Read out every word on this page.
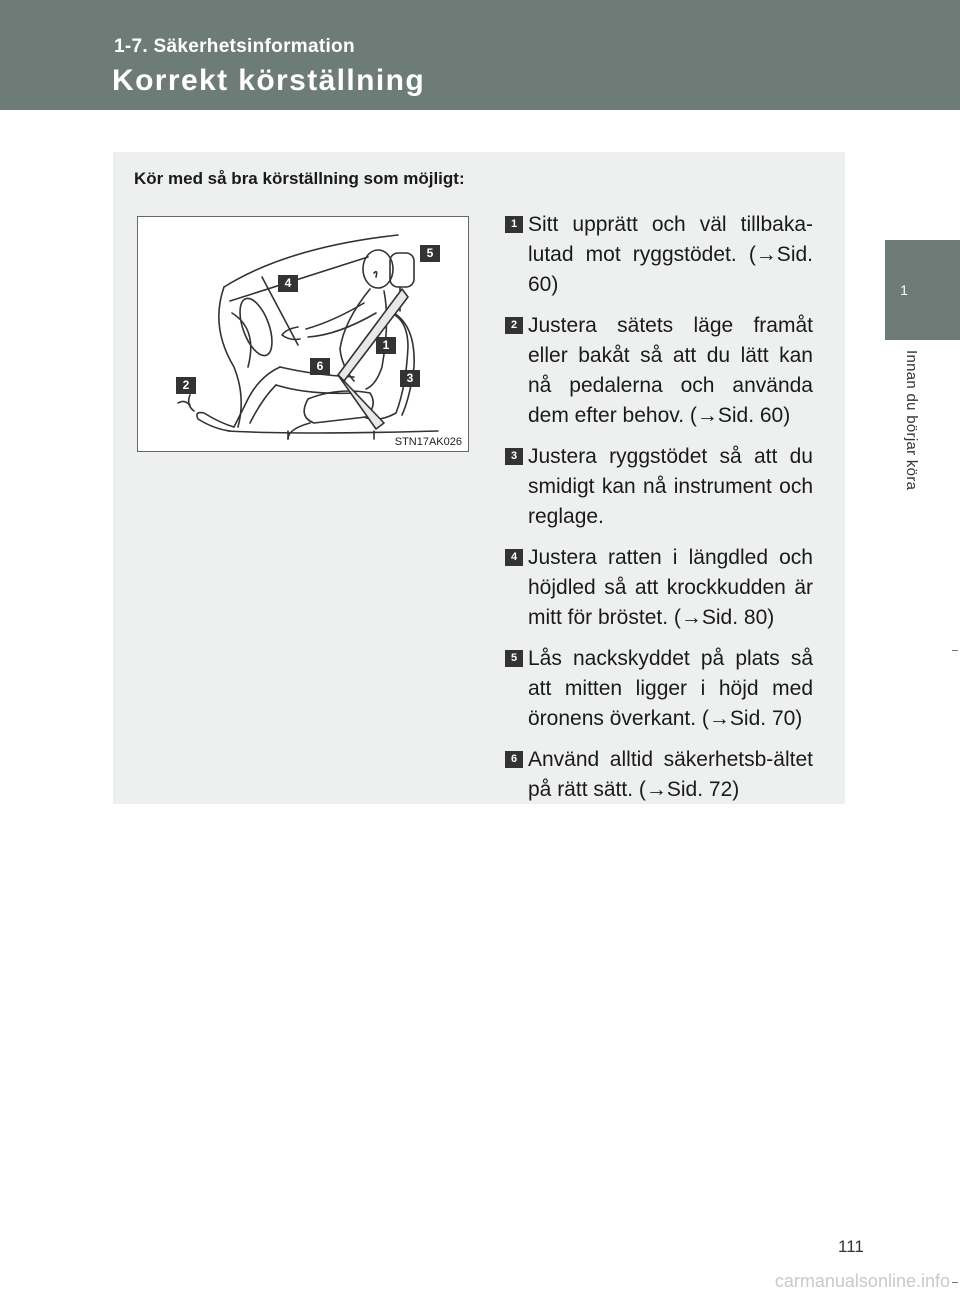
1-7. Säkerhetsinformation
Korrekt körställning
1
Innan du börjar köra
Kör med så bra körställning som möjligt:
5
4
1
6
3
2
STN17AK026
1 Sitt upprätt och väl tillbaka-lutad mot ryggstödet. (→Sid. 60)
2 Justera sätets läge framåt eller bakåt så att du lätt kan nå pedalerna och använda dem efter behov. (→Sid. 60)
3 Justera ryggstödet så att du smidigt kan nå instrument och reglage.
4 Justera ratten i längdled och höjdled så att krockkudden är mitt för bröstet. (→Sid. 80)
5 Lås nackskyddet på plats så att mitten ligger i höjd med öronens överkant. (→Sid. 70)
6 Använd alltid säkerhetsb-ältet på rätt sätt. (→Sid. 72)
111
carmanualsonline.info
